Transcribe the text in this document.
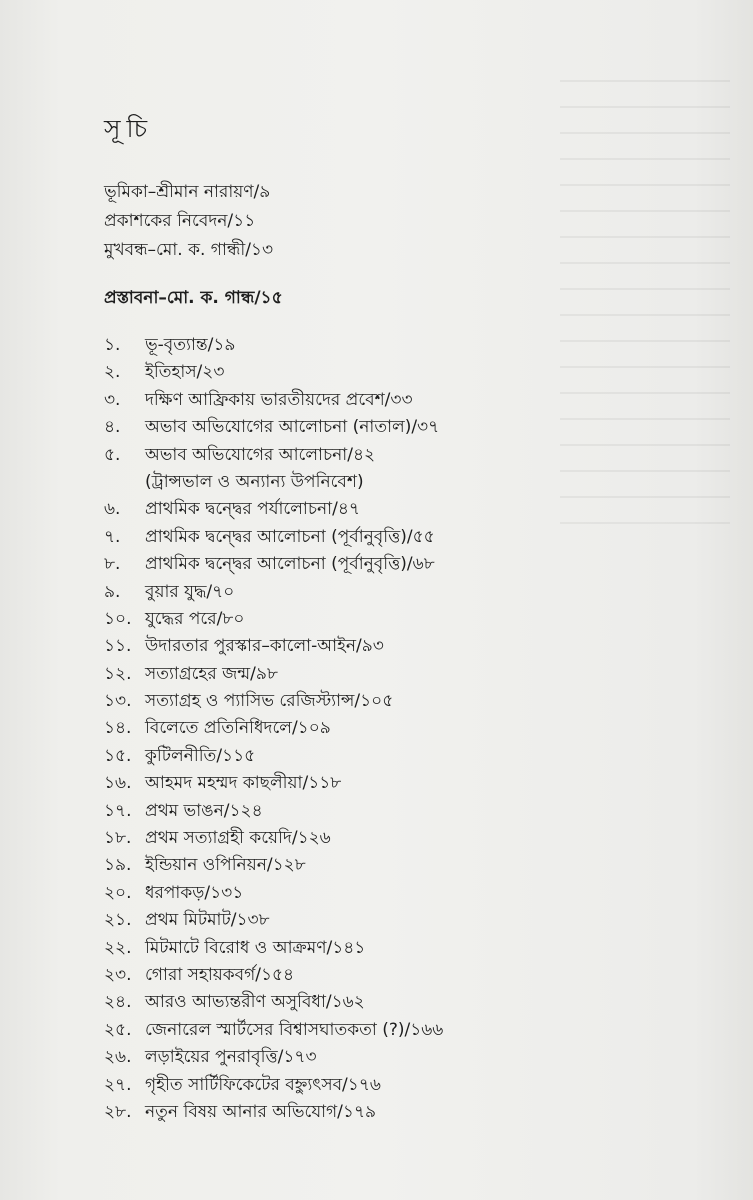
সূচি
ভূমিকা–শ্রীমান নারায়ণ/৯
প্রকাশকের নিবেদন/১১
মুখবন্ধ–মো. ক. গান্ধী/১৩
প্রস্তাবনা–মো. ক. গান্ধ/১৫
১.	ভূ-বৃত্যান্ত/১৯
২.	ইতিহাস/২৩
৩.	দক্ষিণ আফ্রিকায় ভারতীয়দের প্রবেশ/৩৩
৪.	অভাব অভিযোগের আলোচনা (নাতাল)/৩৭
৫.	অভাব অভিযোগের আলোচনা/৪২
(ট্রান্সভাল ও অন্যান্য উপনিবেশ)
৬.	প্রাথমিক দ্বন্দ্বের পর্যালোচনা/৪৭
৭.	প্রাথমিক দ্বন্দ্বের আলোচনা (পূর্বানুবৃত্তি)/৫৫
৮.	প্রাথমিক দ্বন্দ্বের আলোচনা (পূর্বানুবৃত্তি)/৬৮
৯.	বুয়ার যুদ্ধ/৭০
১০. যুদ্ধের পরে/৮০
১১. উদারতার পুরস্কার–কালো-আইন/৯৩
১২. সত্যাগ্রহের জন্ম/৯৮
১৩. সত্যাগ্রহ ও প্যাসিভ রেজিস্ট্যান্স/১০৫
১৪. বিলেতে প্রতিনিধিদলে/১০৯
১৫. কুটিলনীতি/১১৫
১৬. আহমদ মহম্মদ কাছলীয়া/১১৮
১৭. প্রথম ভাঙন/১২৪
১৮. প্রথম সত্যাগ্রহী কয়েদি/১২৬
১৯. ইন্ডিয়ান ওপিনিয়ন/১২৮
২০. ধরপাকড়/১৩১
২১. প্রথম মিটমাট/১৩৮
২২. মিটমাটে বিরোধ ও আক্রমণ/১৪১
২৩. গোরা সহায়কবর্গ/১৫৪
২৪. আরও আভ্যন্তরীণ অসুবিধা/১৬২
২৫. জেনারেল স্মার্টসের বিশ্বাসঘাতকতা (?)/১৬৬
২৬. লড়াইয়ের পুনরাবৃত্তি/১৭৩
২৭. গৃহীত সার্টিফিকেটের বহ্ন্যুৎসব/১৭৬
২৮. নতুন বিষয় আনার অভিযোগ/১৭৯
